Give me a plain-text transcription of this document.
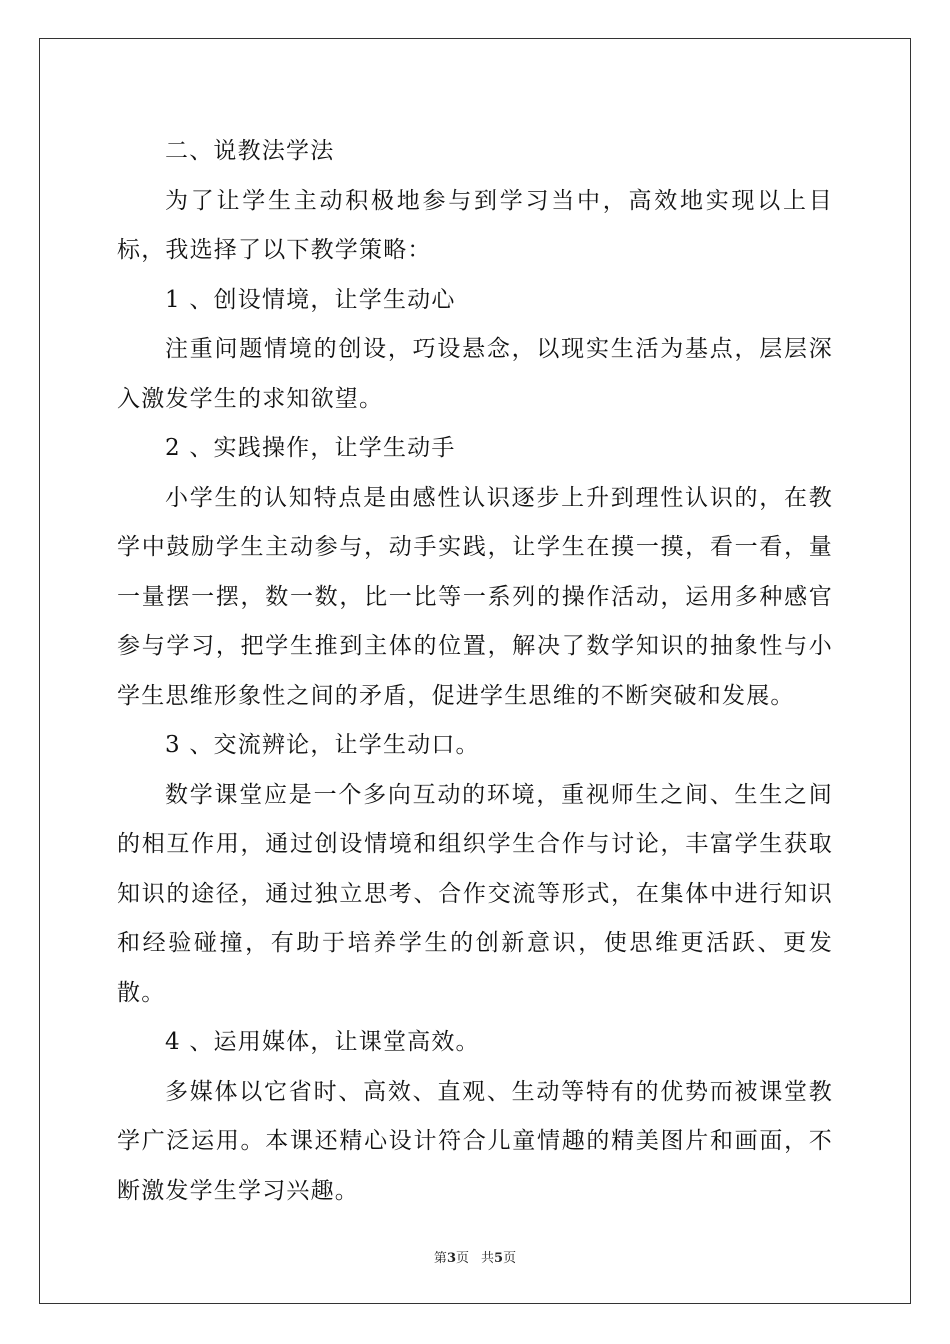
二、说教法学法

为了让学生主动积极地参与到学习当中，高效地实现以上目标，我选择了以下教学策略：

1 、创设情境，让学生动心

注重问题情境的创设，巧设悬念，以现实生活为基点，层层深入激发学生的求知欲望。

2 、实践操作，让学生动手

小学生的认知特点是由感性认识逐步上升到理性认识的，在教学中鼓励学生主动参与，动手实践，让学生在摸一摸，看一看，量一量摆一摆，数一数，比一比等一系列的操作活动，运用多种感官参与学习，把学生推到主体的位置，解决了数学知识的抽象性与小学生思维形象性之间的矛盾，促进学生思维的不断突破和发展。

3 、交流辨论，让学生动口。

数学课堂应是一个多向互动的环境，重视师生之间、生生之间的相互作用，通过创设情境和组织学生合作与讨论，丰富学生获取知识的途径，通过独立思考、合作交流等形式，在集体中进行知识和经验碰撞，有助于培养学生的创新意识，使思维更活跃、更发散。

4 、运用媒体，让课堂高效。

多媒体以它省时、高效、直观、生动等特有的优势而被课堂教学广泛运用。本课还精心设计符合儿童情趣的精美图片和画面，不断激发学生学习兴趣。

第3页 共5页
